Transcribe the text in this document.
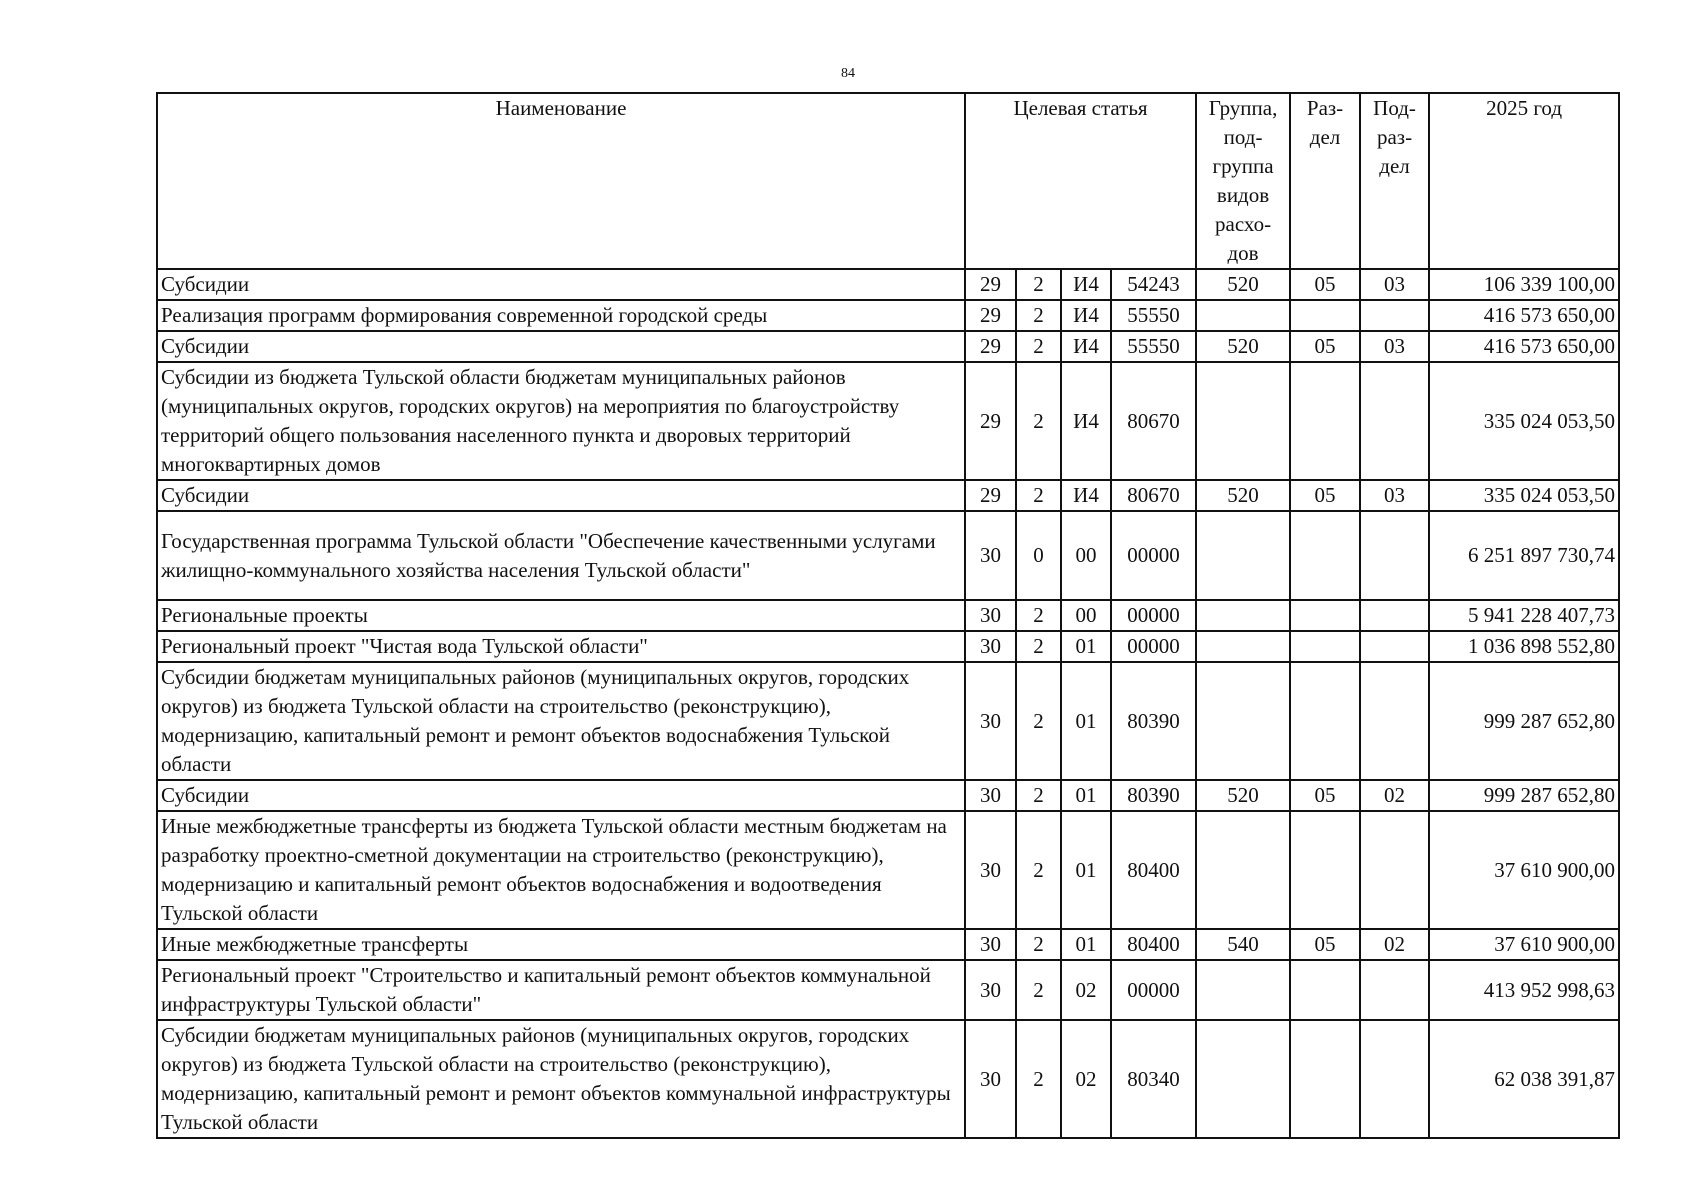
84
Наименование	Целевая статья				Группа, под-группа видов расхо-дов	Раз-дел	Под-раз-дел	2025 год
Субсидии	29	2	И4	54243	520	05	03	106 339 100,00
Реализация программ формирования современной городской среды	29	2	И4	55550				416 573 650,00
Субсидии	29	2	И4	55550	520	05	03	416 573 650,00
Субсидии из бюджета Тульской области бюджетам муниципальных районов (муниципальных округов, городских округов) на мероприятия по благоустройству территорий общего пользования населенного пункта и дворовых территорий многоквартирных домов	29	2	И4	80670				335 024 053,50
Субсидии	29	2	И4	80670	520	05	03	335 024 053,50
Государственная программа Тульской области "Обеспечение качественными услугами жилищно-коммунального хозяйства населения Тульской области"	30	0	00	00000				6 251 897 730,74
Региональные проекты	30	2	00	00000				5 941 228 407,73
Региональный проект "Чистая вода Тульской области"	30	2	01	00000				1 036 898 552,80
Субсидии бюджетам муниципальных районов (муниципальных округов, городских округов) из бюджета Тульской области на строительство (реконструкцию), модернизацию, капитальный ремонт и ремонт объектов водоснабжения Тульской области	30	2	01	80390				999 287 652,80
Субсидии	30	2	01	80390	520	05	02	999 287 652,80
Иные межбюджетные трансферты из бюджета Тульской области местным бюджетам на разработку проектно-сметной документации на строительство (реконструкцию), модернизацию и капитальный ремонт объектов водоснабжения и водоотведения Тульской области	30	2	01	80400				37 610 900,00
Иные межбюджетные трансферты	30	2	01	80400	540	05	02	37 610 900,00
Региональный проект "Строительство и капитальный ремонт объектов коммунальной инфраструктуры Тульской области"	30	2	02	00000				413 952 998,63
Субсидии бюджетам муниципальных районов (муниципальных округов, городских округов) из бюджета Тульской области на строительство (реконструкцию), модернизацию, капитальный ремонт и ремонт объектов коммунальной инфраструктуры Тульской области	30	2	02	80340				62 038 391,87
